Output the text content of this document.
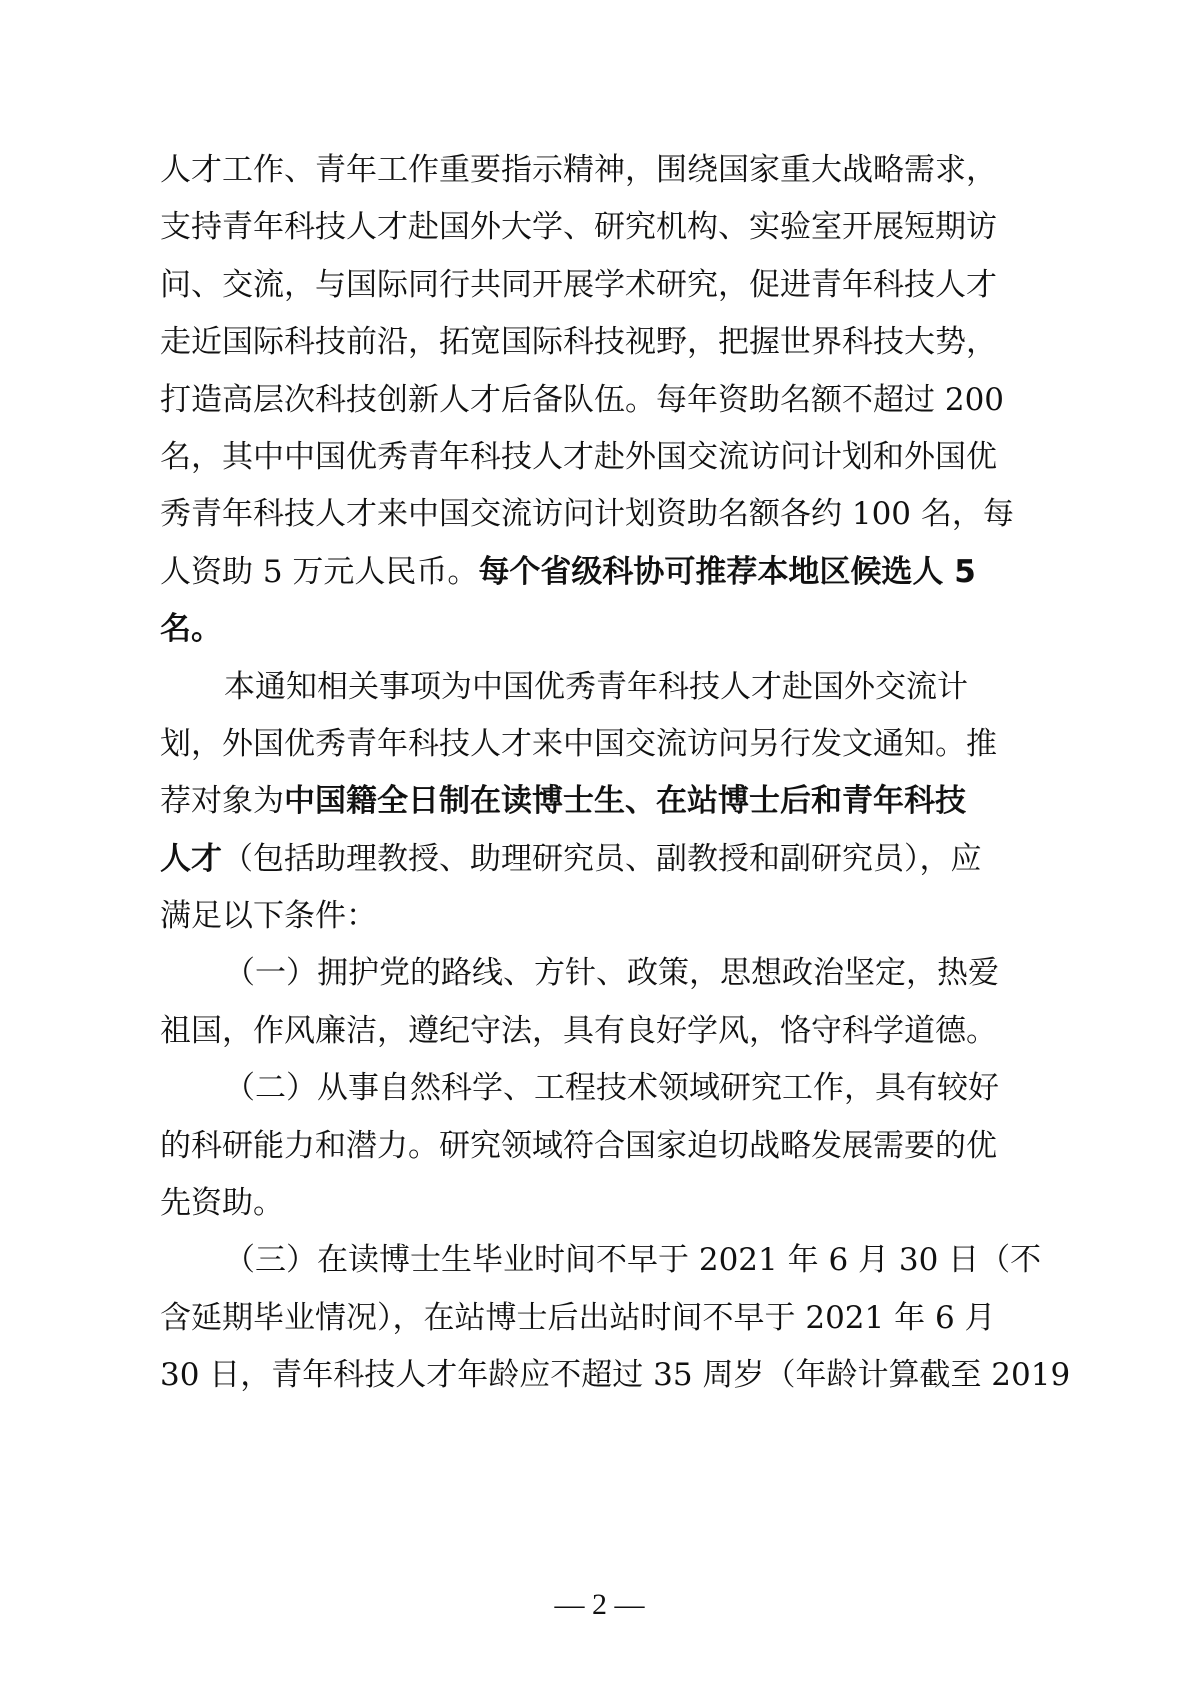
人才工作、青年工作重要指示精神，围绕国家重大战略需求，
支持青年科技人才赴国外大学、研究机构、实验室开展短期访
问、交流，与国际同行共同开展学术研究，促进青年科技人才
走近国际科技前沿，拓宽国际科技视野，把握世界科技大势，
打造高层次科技创新人才后备队伍。每年资助名额不超过 200
名，其中中国优秀青年科技人才赴外国交流访问计划和外国优
秀青年科技人才来中国交流访问计划资助名额各约 100 名，每
人资助 5 万元人民币。每个省级科协可推荐本地区候选人 5
名。
本通知相关事项为中国优秀青年科技人才赴国外交流计
划，外国优秀青年科技人才来中国交流访问另行发文通知。推
荐对象为中国籍全日制在读博士生、在站博士后和青年科技
人才（包括助理教授、助理研究员、副教授和副研究员），应
满足以下条件：
（一）拥护党的路线、方针、政策，思想政治坚定，热爱
祖国，作风廉洁，遵纪守法，具有良好学风，恪守科学道德。
（二）从事自然科学、工程技术领域研究工作，具有较好
的科研能力和潜力。研究领域符合国家迫切战略发展需要的优
先资助。
（三）在读博士生毕业时间不早于 2021 年 6 月 30 日（不
含延期毕业情况），在站博士后出站时间不早于 2021 年 6 月
30 日，青年科技人才年龄应不超过 35 周岁（年龄计算截至 2019
— 2 —
